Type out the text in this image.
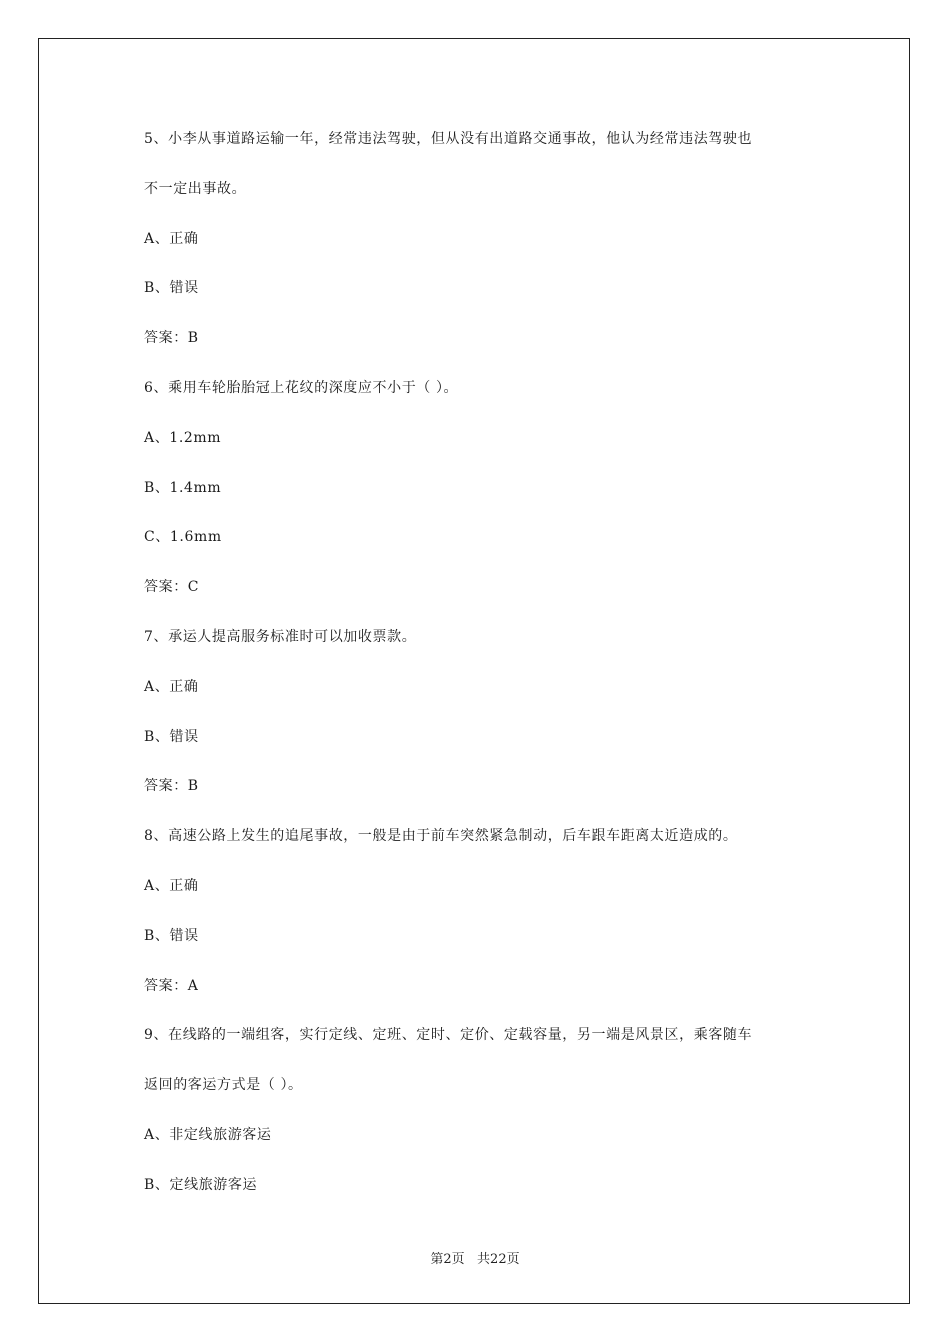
5、小李从事道路运输一年，经常违法驾驶，但从没有出道路交通事故，他认为经常违法驾驶也
不一定出事故。
A、正确
B、错误
答案：B
6、乘用车轮胎胎冠上花纹的深度应不小于（ ）。
A、1.2mm
B、1.4mm
C、1.6mm
答案：C
7、承运人提高服务标准时可以加收票款。
A、正确
B、错误
答案：B
8、高速公路上发生的追尾事故，一般是由于前车突然紧急制动，后车跟车距离太近造成的。
A、正确
B、错误
答案：A
9、在线路的一端组客，实行定线、定班、定时、定价、定载容量，另一端是风景区，乘客随车
返回的客运方式是（ ）。
A、非定线旅游客运
B、定线旅游客运
第2页   共22页
